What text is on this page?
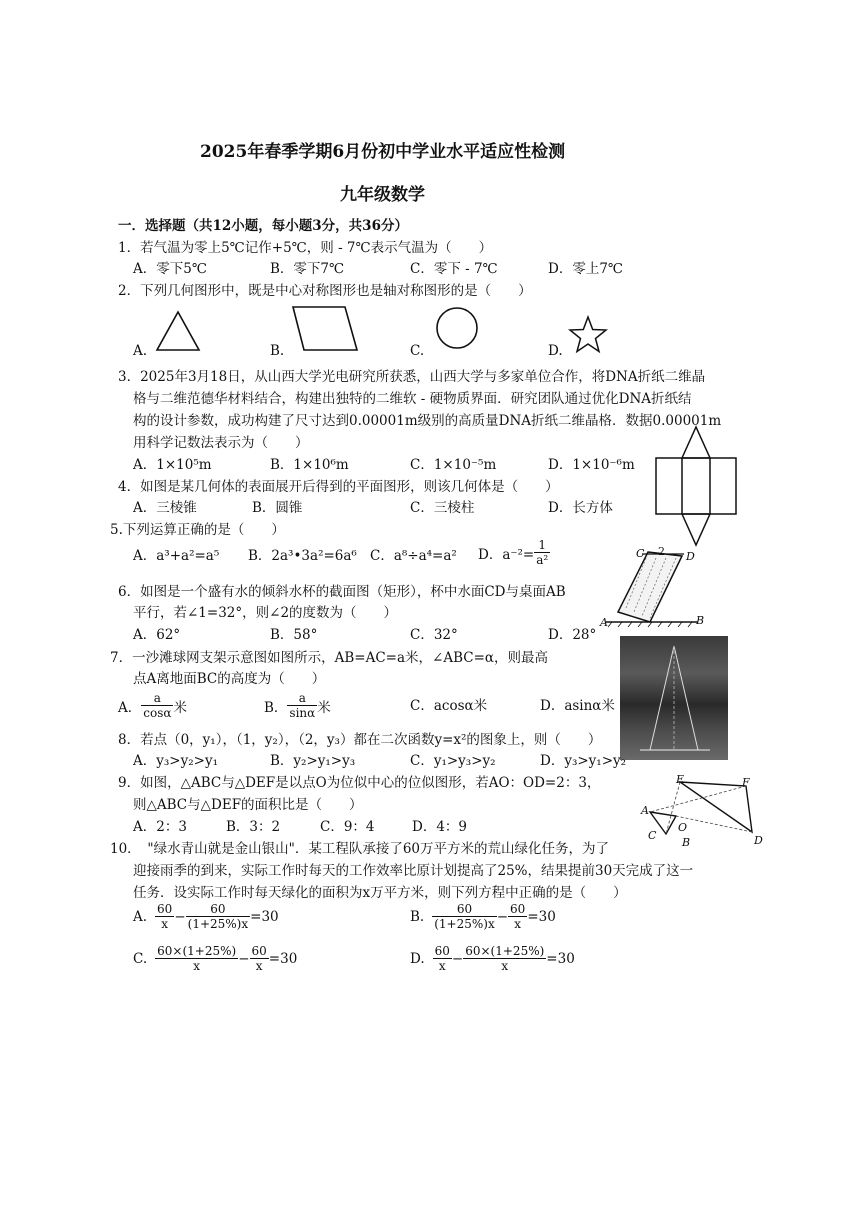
2025年春季学期6月份初中学业水平适应性检测
九年级数学
一．选择题（共12小题，每小题3分，共36分）
1．若气温为零上5℃记作+5℃，则 - 7℃表示气温为（　　）
A．零下5℃	B．零下7℃	C．零下 - 7℃	D．零上7℃
2．下列几何图形中，既是中心对称图形也是轴对称图形的是（　　）
A.	B.	C.	D.
3．2025年3月18日，从山西大学光电研究所获悉，山西大学与多家单位合作，将DNA折纸二维晶
格与二维范德华材料结合，构建出独特的二维软 - 硬物质界面．研究团队通过优化DNA折纸结
构的设计参数，成功构建了尺寸达到0.00001m级别的高质量DNA折纸二维晶格．数据0.00001m
用科学记数法表示为（　　）
A．1×10⁵m	B．1×10⁶m	C．1×10⁻⁵m	D．1×10⁻⁶m
4．如图是某几何体的表面展开后得到的平面图形，则该几何体是（　　）
A．三棱锥	B．圆锥	C．三棱柱	D．长方体
5.下列运算正确的是（　　）
A．a³+a²=a⁵ B．2a³•3a²=6a⁶ C．a⁸÷a⁴=a² D．$a^{-2}= \frac{1}{\text{a²}}$	C 2 D
A	B
6．如图是一个盛有水的倾斜水杯的截面图（矩形），杯中水面CD与桌面AB
平行，若∠1=32°，则∠2的度数为（　　）
A．62°	B．58°	C．32°	D．28°
7．一沙滩球网支架示意图如图所示，AB=AC=a米，∠ABC=α，则最高
点A离地面BC的高度为（　　）
A． $\frac{a}{\cos\alpha}$ 米	B． $\frac{a}{\sin\alpha}$ 米	C．acosα米	D．asinα米
8．若点（0，y₁），（1，y₂），（2，y₃）都在二次函数y=x²的图象上，则（　　）
A．y₃>y₂>y₁	B．y₂>y₁>y₃	C．y₁>y₃>y₂	D．y₃>y₁>y₂
E	F
A
C
O
B	D
9．如图，△ABC与△DEF是以点O为位似中心的位似图形，若AO：OD=2：3，
则△ABC与△DEF的面积比是（　　）
A．2：3	B．3：2	C．9：4	D．4：9
10．　"绿水青山就是金山银山"．某工程队承接了60万平方米的荒山绿化任务，为了
迎接雨季的到来，实际工作时每天的工作效率比原计划提高了25%，结果提前30天完成了这一
任务．设实际工作时每天绿化的面积为x万平方米，则下列方程中正确的是（　　）
A. $\frac{60}{x} - \frac{60}{(1+25\%)x} =30$	B. $\frac{60}{(1+25\%)x} - \frac{60}{x} =30$
C. $\frac{60\times(1+25\%)}{x} - \frac{60}{x} =30$	D. $\frac{60}{x} - \frac{60\times(1+25\%)}{x} =30$
